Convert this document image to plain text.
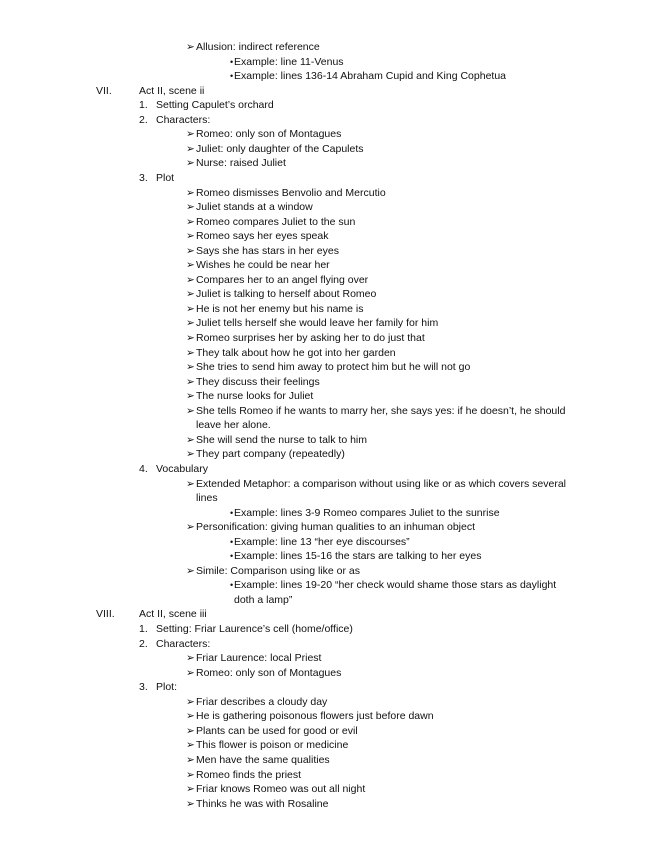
➢ Allusion: indirect reference
• Example: line 11-Venus
• Example: lines 136-14 Abraham Cupid and King Cophetua
VII.	Act II, scene ii
1. Setting Capulet’s orchard
2. Characters:
➢ Romeo: only son of Montagues
➢ Juliet: only daughter of the Capulets
➢ Nurse: raised Juliet
3. Plot
➢ Romeo dismisses Benvolio and Mercutio
➢ Juliet stands at a window
➢ Romeo compares Juliet to the sun
➢ Romeo says her eyes speak
➢ Says she has stars in her eyes
➢ Wishes he could be near her
➢ Compares her to an angel flying over
➢ Juliet is talking to herself about Romeo
➢ He is not her enemy but his name is
➢ Juliet tells herself she would leave her family for him
➢ Romeo surprises her by asking her to do just that
➢ They talk about how he got into her garden
➢ She tries to send him away to protect him but he will not go
➢ They discuss their feelings
➢ The nurse looks for Juliet
➢ She tells Romeo if he wants to marry her, she says yes: if he doesn’t, he should
leave her alone.
➢ She will send the nurse to talk to him
➢ They part company (repeatedly)
4. Vocabulary
➢ Extended Metaphor: a comparison without using like or as which covers several
lines
• Example: lines 3-9 Romeo compares Juliet to the sunrise
➢ Personification: giving human qualities to an inhuman object
• Example: line 13 “her eye discourses”
• Example: lines 15-16 the stars are talking to her eyes
➢ Simile: Comparison using like or as
• Example: lines 19-20 “her check would shame those stars as daylight
doth a lamp”
VIII. Act II, scene iii
1. Setting: Friar Laurence’s cell (home/office)
2. Characters:
➢ Friar Laurence: local Priest
➢ Romeo: only son of Montagues
3. Plot:
➢ Friar describes a cloudy day
➢ He is gathering poisonous flowers just before dawn
➢ Plants can be used for good or evil
➢ This flower is poison or medicine
➢ Men have the same qualities
➢ Romeo finds the priest
➢ Friar knows Romeo was out all night
➢ Thinks he was with Rosaline
